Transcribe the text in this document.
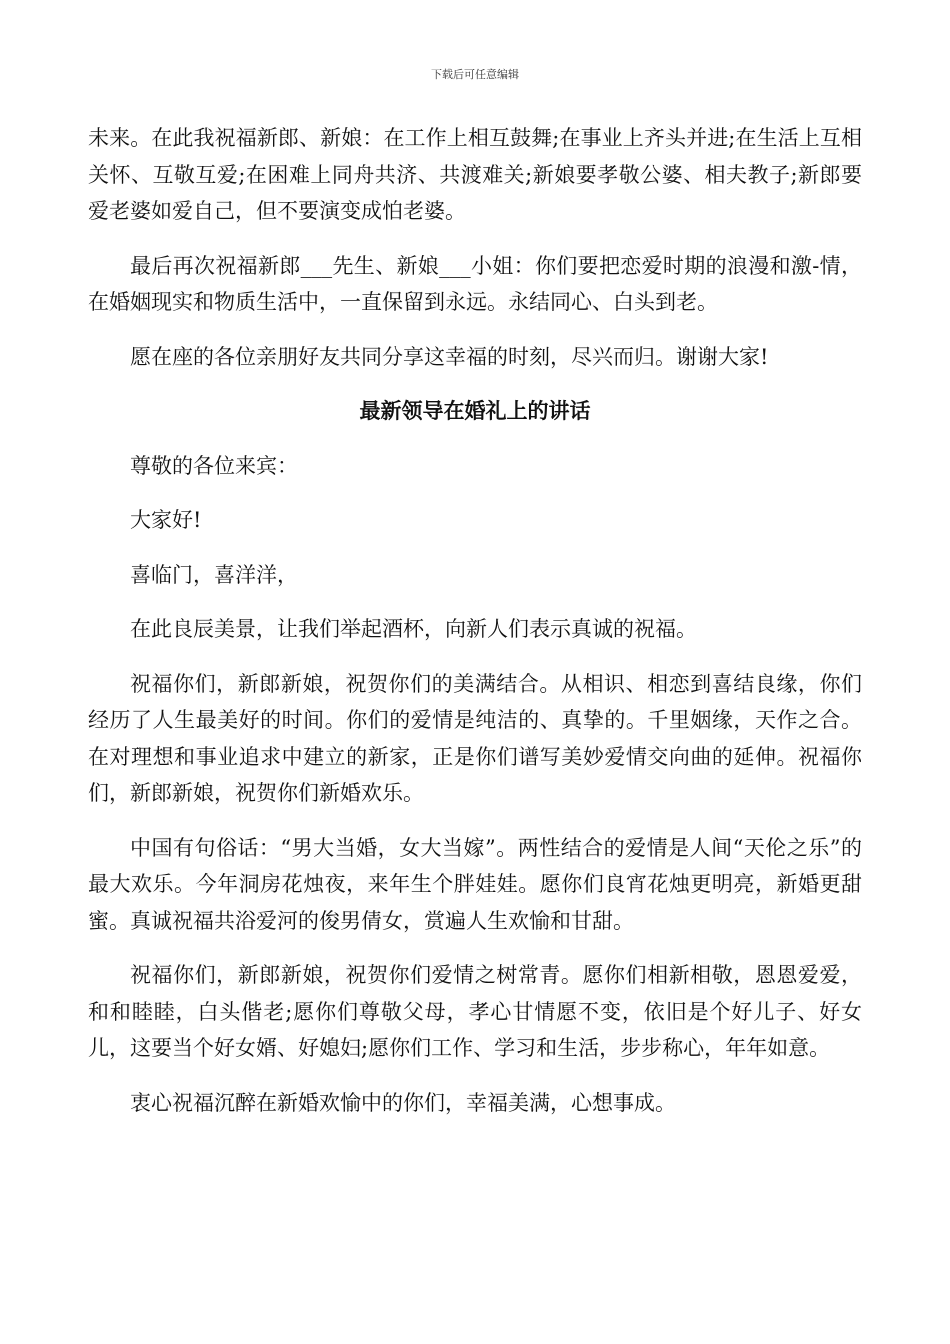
下载后可任意编辑

未来。在此我祝福新郎、新娘：在工作上相互鼓舞;在事业上齐头并进;在生活上互相关怀、互敬互爱;在困难上同舟共济、共渡难关;新娘要孝敬公婆、相夫教子;新郎要爱老婆如爱自己，但不要演变成怕老婆。

最后再次祝福新郎___先生、新娘___小姐：你们要把恋爱时期的浪漫和激-情，在婚姻现实和物质生活中，一直保留到永远。永结同心、白头到老。

愿在座的各位亲朋好友共同分享这幸福的时刻，尽兴而归。谢谢大家!

最新领导在婚礼上的讲话

尊敬的各位来宾：

大家好!

喜临门，喜洋洋，

在此良辰美景，让我们举起酒杯，向新人们表示真诚的祝福。

祝福你们，新郎新娘，祝贺你们的美满结合。从相识、相恋到喜结良缘，你们经历了人生最美好的时间。你们的爱情是纯洁的、真挚的。千里姻缘，天作之合。在对理想和事业追求中建立的新家，正是你们谱写美妙爱情交向曲的延伸。祝福你们，新郎新娘，祝贺你们新婚欢乐。

中国有句俗话：“男大当婚，女大当嫁”。两性结合的爱情是人间“天伦之乐”的最大欢乐。今年洞房花烛夜，来年生个胖娃娃。愿你们良宵花烛更明亮，新婚更甜蜜。真诚祝福共浴爱河的俊男倩女，赏遍人生欢愉和甘甜。

祝福你们，新郎新娘，祝贺你们爱情之树常青。愿你们相新相敬，恩恩爱爱，和和睦睦，白头偕老;愿你们尊敬父母，孝心甘情愿不变，依旧是个好儿子、好女儿，这要当个好女婿、好媳妇;愿你们工作、学习和生活，步步称心，年年如意。

衷心祝福沉醉在新婚欢愉中的你们，幸福美满，心想事成。
